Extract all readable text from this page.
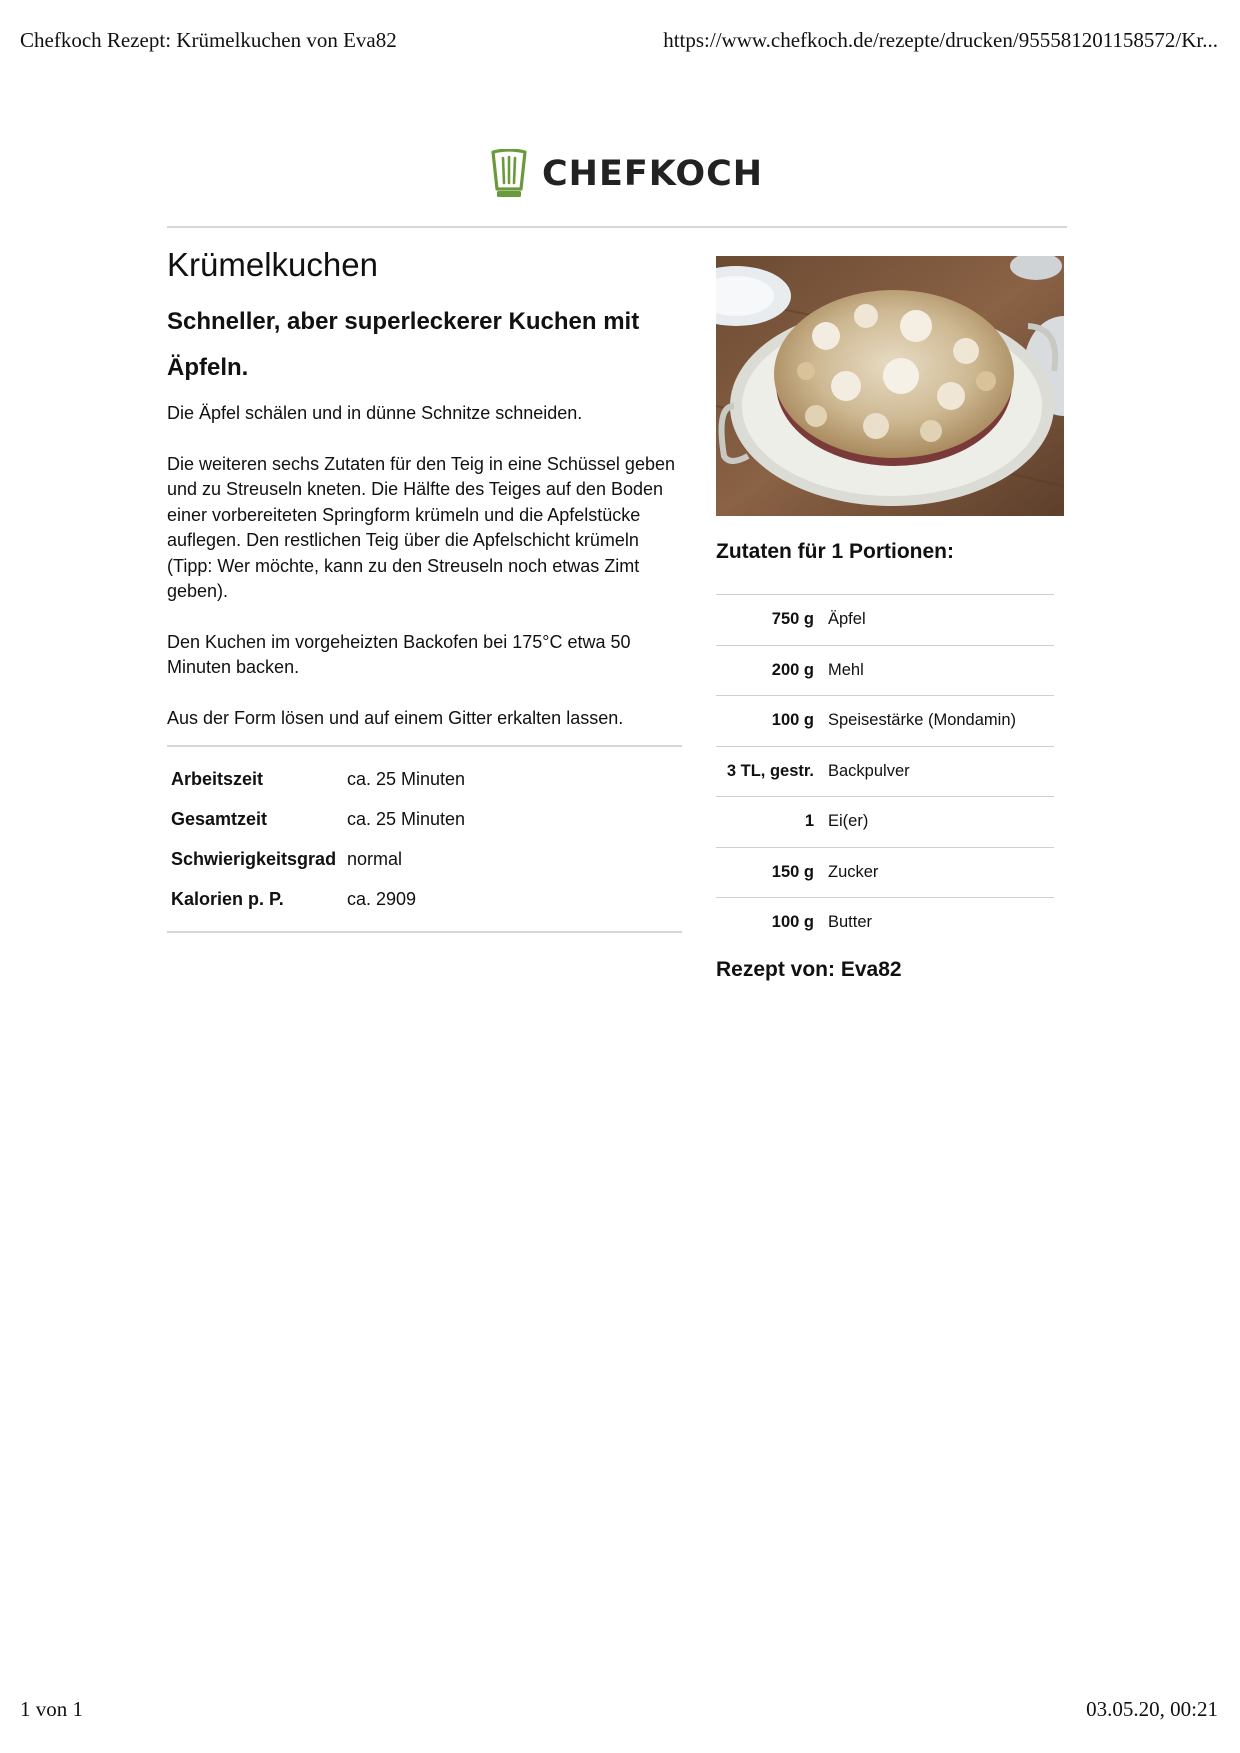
Chefkoch Rezept: Krümelkuchen von Eva82	https://www.chefkoch.de/rezepte/drucken/955581201158572/Kr...
CHEFKOCH
Krümelkuchen
Schneller, aber superleckerer Kuchen mit Äpfeln.

Die Äpfel schälen und in dünne Schnitze schneiden.

Die weiteren sechs Zutaten für den Teig in eine Schüssel geben und zu Streuseln kneten. Die Hälfte des Teiges auf den Boden einer vorbereiteten Springform krümeln und die Apfelstücke auflegen. Den restlichen Teig über die Apfelschicht krümeln (Tipp: Wer möchte, kann zu den Streuseln noch etwas Zimt geben).

Den Kuchen im vorgeheizten Backofen bei 175°C etwa 50 Minuten backen.

Aus der Form lösen und auf einem Gitter erkalten lassen.

Arbeitszeit	ca. 25 Minuten
Gesamtzeit	ca. 25 Minuten
Schwierigkeitsgrad	normal
Kalorien p. P.	ca. 2909
Zutaten für 1 Portionen:
750 g Äpfel
200 g Mehl
100 g Speisestärke (Mondamin)
3 TL, gestr. Backpulver
1 Ei(er)
150 g Zucker
100 g Butter
Rezept von: Eva82
1 von 1	03.05.20, 00:21
